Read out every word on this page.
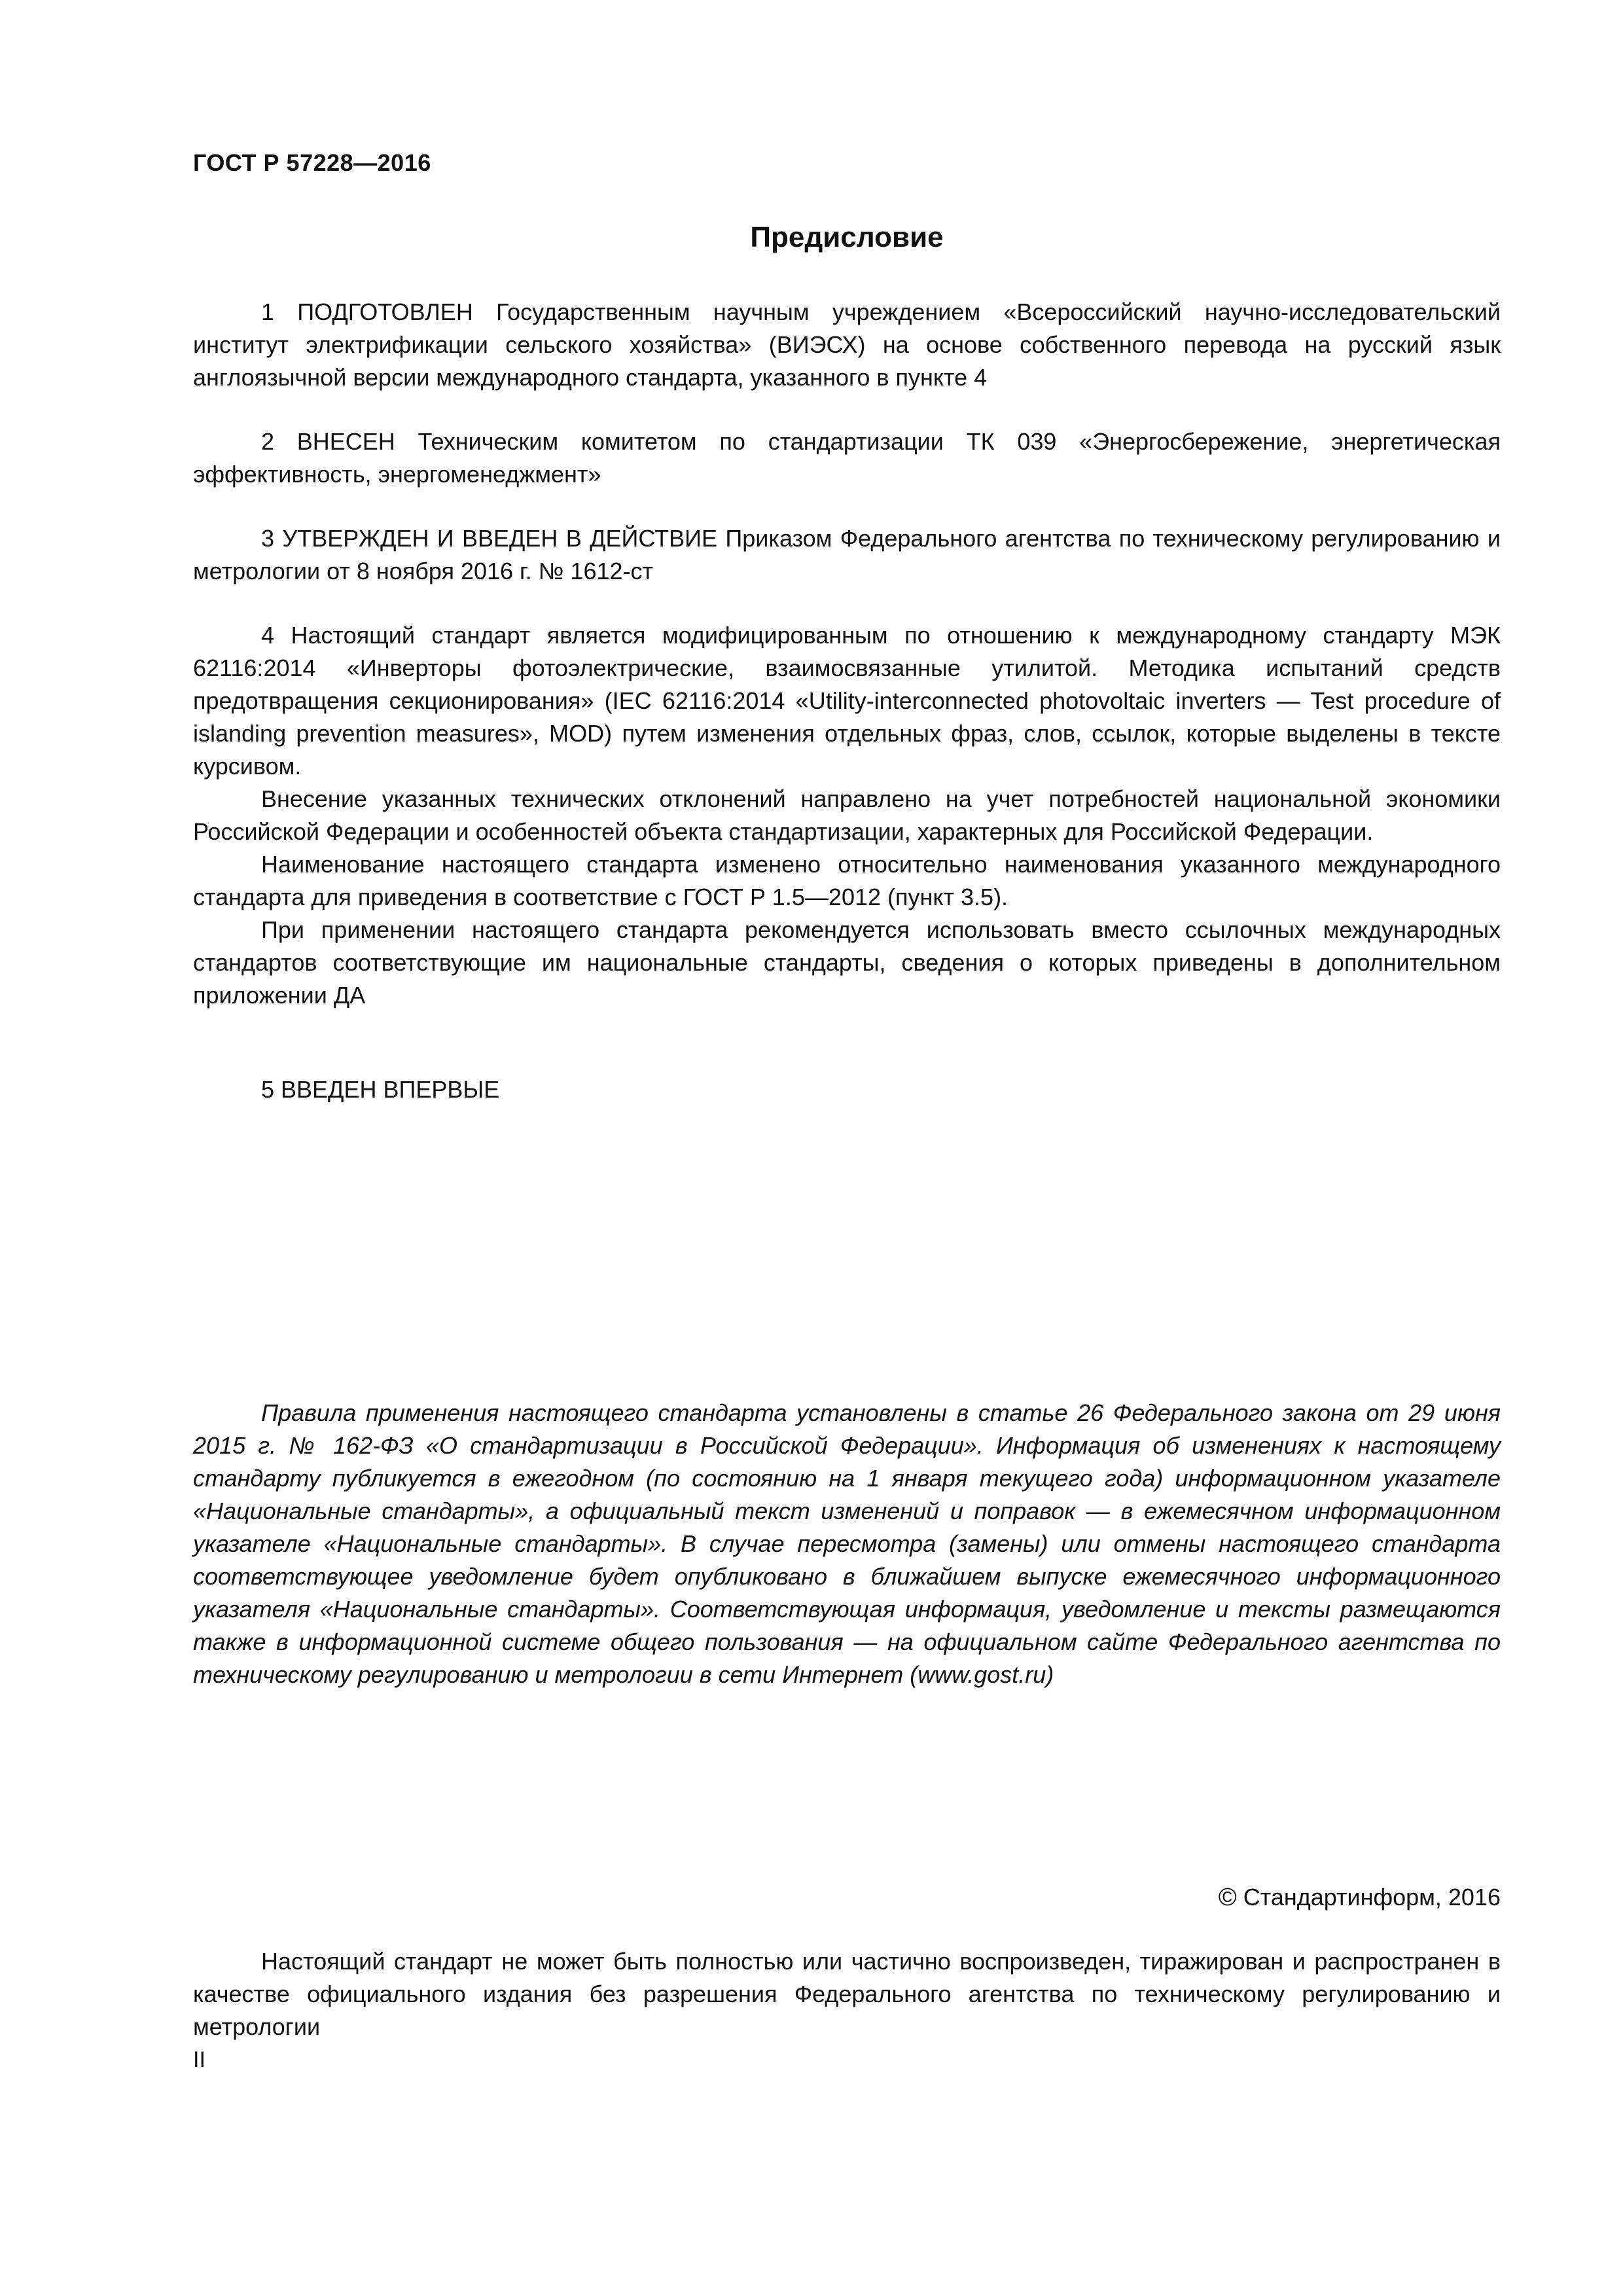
ГОСТ Р 57228—2016

Предисловие

1 ПОДГОТОВЛЕН Государственным научным учреждением «Всероссийский научно-исследовательский институт электрификации сельского хозяйства» (ВИЭСХ) на основе собственного перевода на русский язык англоязычной версии международного стандарта, указанного в пункте 4

2 ВНЕСЕН Техническим комитетом по стандартизации ТК 039 «Энергосбережение, энергетическая эффективность, энергоменеджмент»

3 УТВЕРЖДЕН И ВВЕДЕН В ДЕЙСТВИЕ Приказом Федерального агентства по техническому регулированию и метрологии от 8 ноября 2016 г. № 1612-ст

4 Настоящий стандарт является модифицированным по отношению к международному стандарту МЭК 62116:2014 «Инверторы фотоэлектрические, взаимосвязанные утилитой. Методика испытаний средств предотвращения секционирования» (IEC 62116:2014 «Utility-interconnected photovoltaic inverters — Test procedure of islanding prevention measures», MOD) путем изменения отдельных фраз, слов, ссылок, которые выделены в тексте курсивом.

Внесение указанных технических отклонений направлено на учет потребностей национальной экономики Российской Федерации и особенностей объекта стандартизации, характерных для Российской Федерации.

Наименование настоящего стандарта изменено относительно наименования указанного международного стандарта для приведения в соответствие с ГОСТ Р 1.5—2012 (пункт 3.5).

При применении настоящего стандарта рекомендуется использовать вместо ссылочных международных стандартов соответствующие им национальные стандарты, сведения о которых приведены в дополнительном приложении ДА

5 ВВЕДЕН ВПЕРВЫЕ

Правила применения настоящего стандарта установлены в статье 26 Федерального закона от 29 июня 2015 г. № 162-ФЗ «О стандартизации в Российской Федерации». Информация об изменениях к настоящему стандарту публикуется в ежегодном (по состоянию на 1 января текущего года) информационном указателе «Национальные стандарты», а официальный текст изменений и поправок — в ежемесячном информационном указателе «Национальные стандарты». В случае пересмотра (замены) или отмены настоящего стандарта соответствующее уведомление будет опубликовано в ближайшем выпуске ежемесячного информационного указателя «Национальные стандарты». Соответствующая информация, уведомление и тексты размещаются также в информационной системе общего пользования — на официальном сайте Федерального агентства по техническому регулированию и метрологии в сети Интернет (www.gost.ru)

© Стандартинформ, 2016

Настоящий стандарт не может быть полностью или частично воспроизведен, тиражирован и распространен в качестве официального издания без разрешения Федерального агентства по техническому регулированию и метрологии

II
